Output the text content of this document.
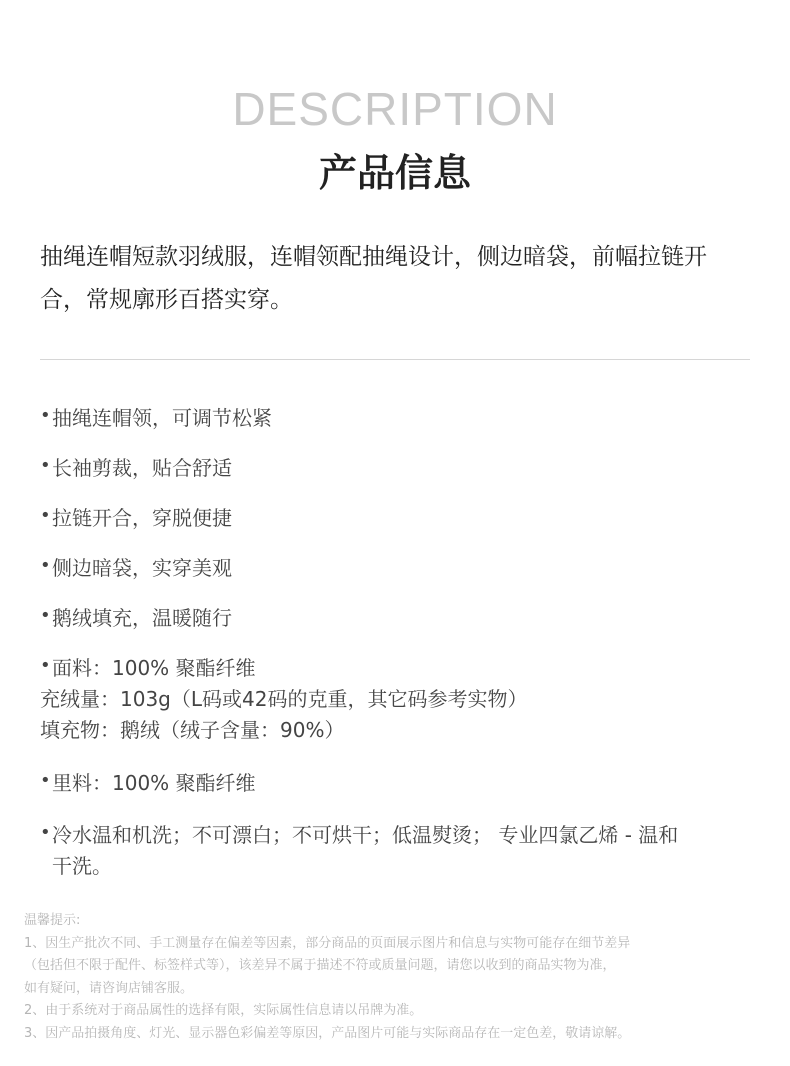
DESCRIPTION
产品信息
抽绳连帽短款羽绒服，连帽领配抽绳设计，侧边暗袋，前幅拉链开合，常规廓形百搭实穿。
•抽绳连帽领，可调节松紧
•长袖剪裁，贴合舒适
•拉链开合，穿脱便捷
•侧边暗袋，实穿美观
•鹅绒填充，温暖随行
•面料：100% 聚酯纤维
充绒量：103g（L码或42码的克重，其它码参考实物）
填充物：鹅绒（绒子含量：90%）
•里料：100% 聚酯纤维
•冷水温和机洗；不可漂白；不可烘干；低温熨烫； 专业四氯乙烯 - 温和
干洗。
温馨提示:
1、因生产批次不同、手工测量存在偏差等因素，部分商品的页面展示图片和信息与实物可能存在细节差异
（包括但不限于配件、标签样式等），该差异不属于描述不符或质量问题，请您以收到的商品实物为准，
如有疑问，请咨询店铺客服。
2、由于系统对于商品属性的选择有限，实际属性信息请以吊牌为准。
3、因产品拍摄角度、灯光、显示器色彩偏差等原因，产品图片可能与实际商品存在一定色差，敬请谅解。
